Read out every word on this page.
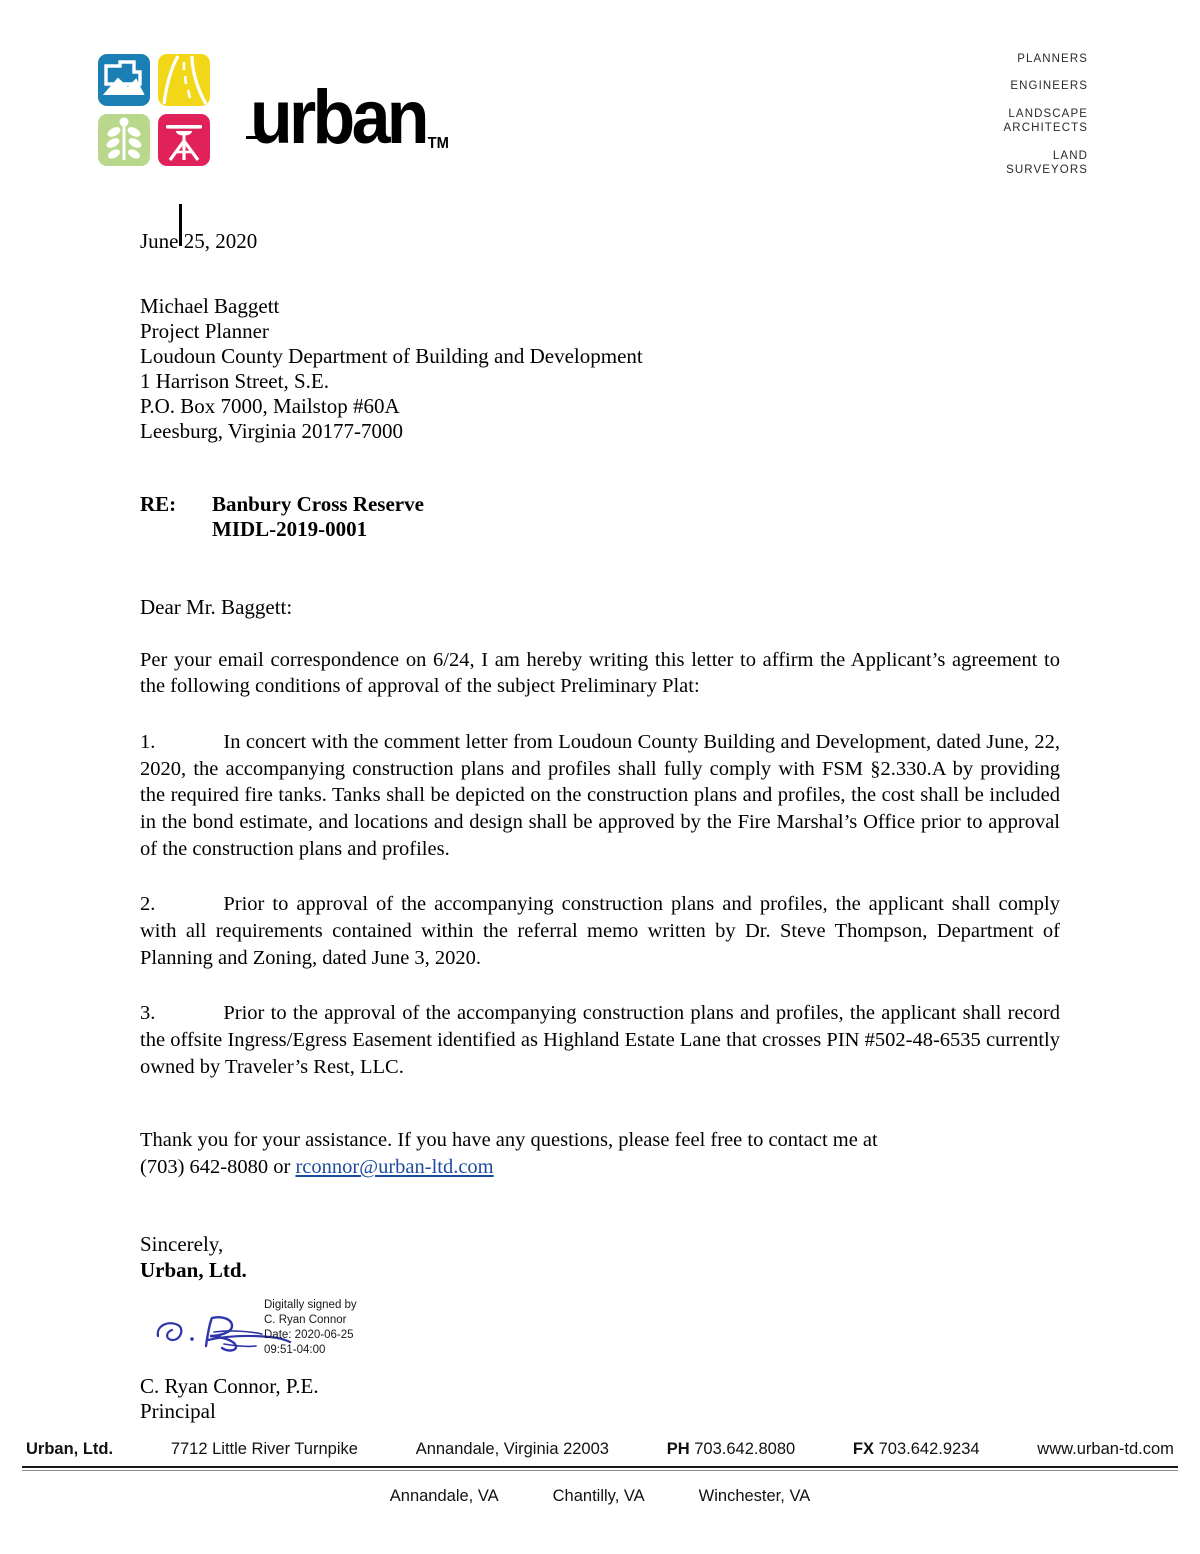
urban TM
PLANNERS
ENGINEERS
LANDSCAPE
ARCHITECTS
LAND
SURVEYORS
June 25, 2020
Michael Baggett
Project Planner
Loudoun County Department of Building and Development
1 Harrison Street, S.E.
P.O. Box 7000, Mailstop #60A
Leesburg, Virginia 20177-7000
RE:	Banbury Cross Reserve
MIDL-2019-0001
Dear Mr. Baggett:
Per your email correspondence on 6/24, I am hereby writing this letter to affirm the Applicant’s agreement to the following conditions of approval of the subject Preliminary Plat:
1.	In concert with the comment letter from Loudoun County Building and Development, dated June, 22, 2020, the accompanying construction plans and profiles shall fully comply with FSM §2.330.A by providing the required fire tanks. Tanks shall be depicted on the construction plans and profiles, the cost shall be included in the bond estimate, and locations and design shall be approved by the Fire Marshal’s Office prior to approval of the construction plans and profiles.
2.	Prior to approval of the accompanying construction plans and profiles, the applicant shall comply with all requirements contained within the referral memo written by Dr. Steve Thompson, Department of Planning and Zoning, dated June 3, 2020.
3.	Prior to the approval of the accompanying construction plans and profiles, the applicant shall record the offsite Ingress/Egress Easement identified as Highland Estate Lane that crosses PIN #502-48-6535 currently owned by Traveler’s Rest, LLC.
Thank you for your assistance. If you have any questions, please feel free to contact me at
(703) 642-8080 or rconnor@urban-ltd.com
Sincerely,
Urban, Ltd.
Digitally signed by
C. Ryan Connor
Date: 2020-06-25
09:51-04:00
C. Ryan Connor, P.E.
Principal
Urban, Ltd.	7712 Little River Turnpike	Annandale, Virginia 22003	PH 703.642.8080	FX 703.642.9234	www.urban-td.com
Annandale, VA	Chantilly, VA	Winchester, VA
